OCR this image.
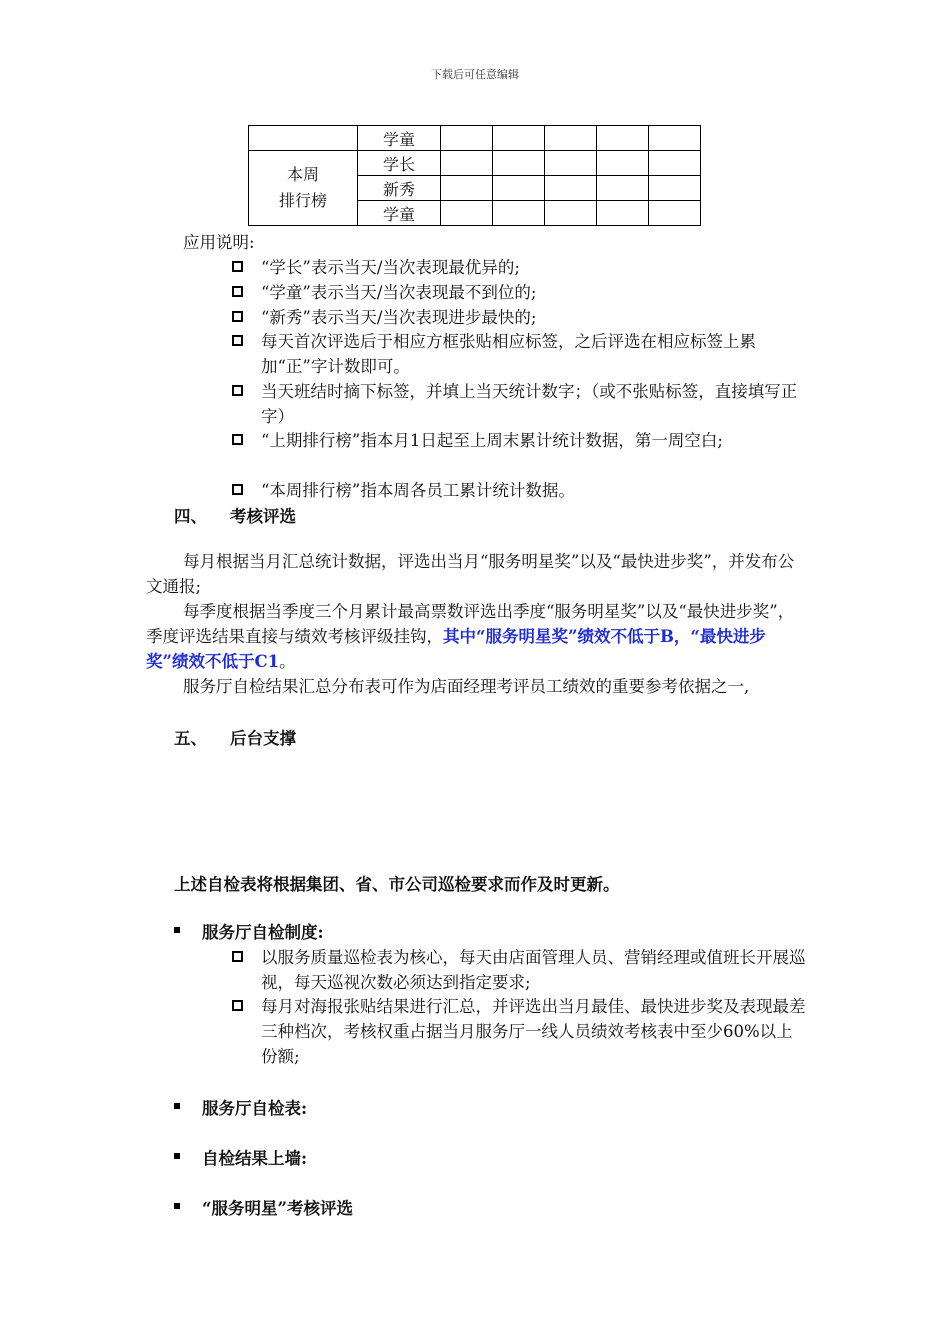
下载后可任意编辑
	学童					
本周
排行榜	学长					
	新秀					
	学童					
应用说明:
“学长”表示当天/当次表现最优异的;
“学童”表示当天/当次表现最不到位的;
“新秀”表示当天/当次表现进步最快的;
每天首次评选后于相应方框张贴相应标签，之后评选在相应标签上累加“正”字计数即可。
当天班结时摘下标签，并填上当天统计数字；（或不张贴标签，直接填写正字）
“上期排行榜”指本月1日起至上周末累计统计数据，第一周空白;
“本周排行榜”指本周各员工累计统计数据。
四、 考核评选
每月根据当月汇总统计数据，评选出当月“服务明星奖”以及“最快进步奖”，并发布公文通报;
每季度根据当季度三个月累计最高票数评选出季度“服务明星奖”以及“最快进步奖”，季度评选结果直接与绩效考核评级挂钩，其中“服务明星奖”绩效不低于B，“最快进步奖”绩效不低于C1。
服务厅自检结果汇总分布表可作为店面经理考评员工绩效的重要参考依据之一,
五、 后台支撑
上述自检表将根据集团、省、市公司巡检要求而作及时更新。
服务厅自检制度:
以服务质量巡检表为核心，每天由店面管理人员、营销经理或值班长开展巡视，每天巡视次数必须达到指定要求;
每月对海报张贴结果进行汇总，并评选出当月最佳、最快进步奖及表现最差三种档次，考核权重占据当月服务厅一线人员绩效考核表中至少60%以上份额;
服务厅自检表:
自检结果上墙:
“服务明星”考核评选
